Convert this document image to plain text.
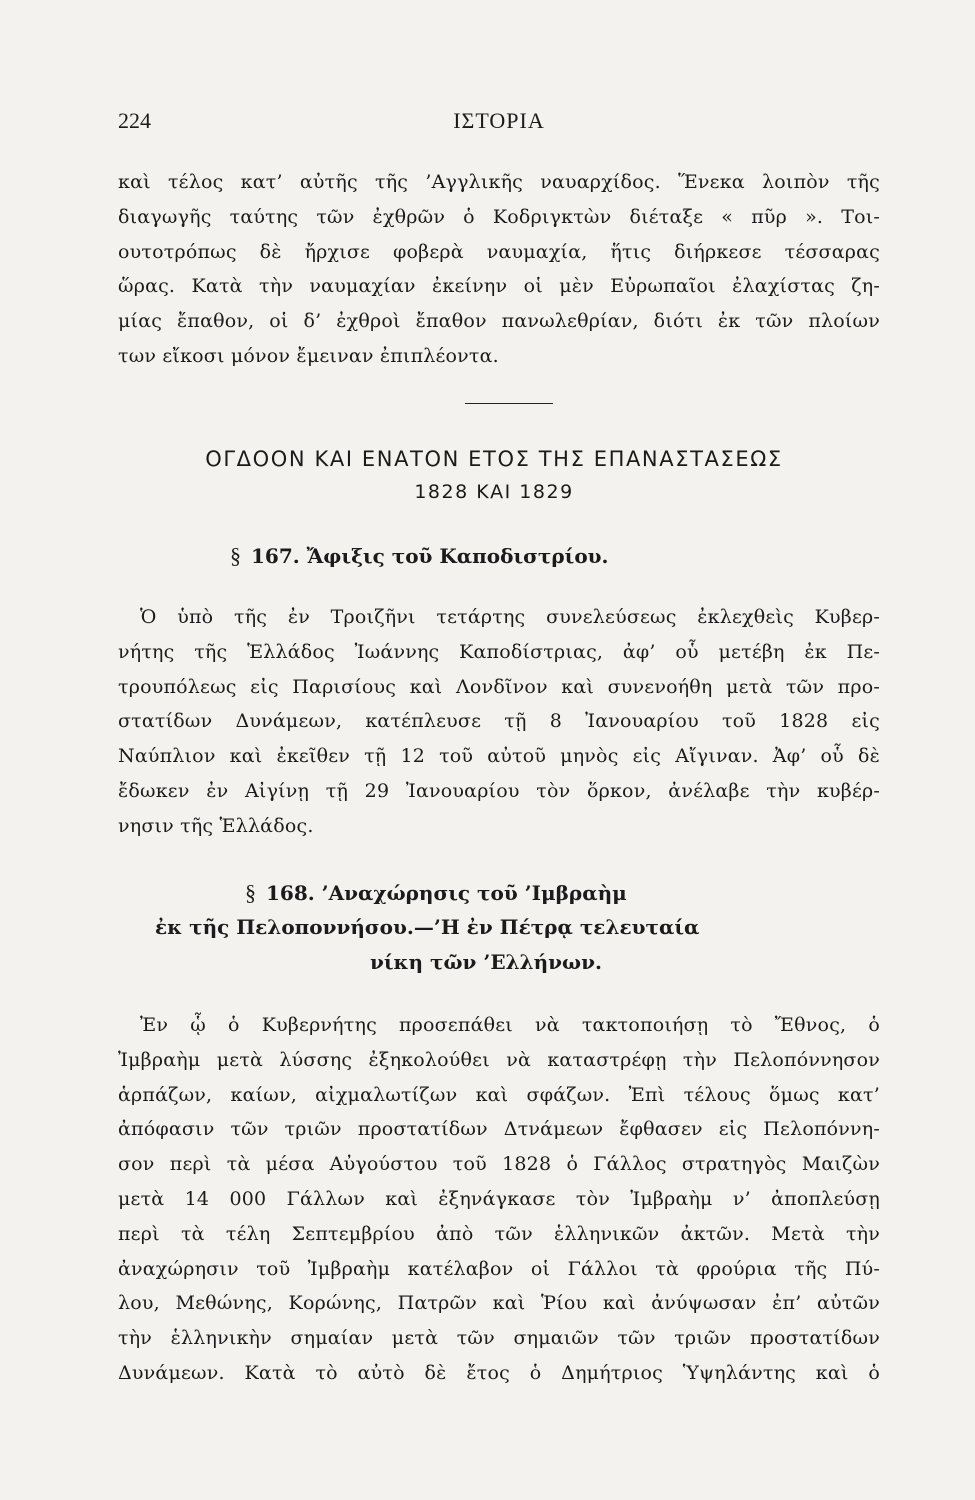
224	ΙΣΤΟΡΙΑ
καὶ τέλος κατ’ αὐτῆς τῆς ’Αγγλικῆς ναυαρχίδος. Ἕνεκα λοιπὸν τῆς
διαγωγῆς ταύτης τῶν ἐχθρῶν ὁ Κοδριγκτὼν διέταξε « πῦρ ». Τοι-
ουτοτρόπως δὲ ἤρχισε φοβερὰ ναυμαχία, ἥτις διήρκεσε τέσσαρας
ὥρας. Κατὰ τὴν ναυμαχίαν ἐκείνην οἱ μὲν Εὐρωπαῖοι ἐλαχίστας ζη-
μίας ἔπαθον, οἱ δ’ ἐχθροὶ ἔπαθον πανωλεθρίαν, διότι ἐκ τῶν πλοίων
των εἴκοσι μόνον ἔμειναν ἐπιπλέοντα.
ΟΓΔΟΟΝ ΚΑΙ ΕΝΑΤΟΝ ΕΤΟΣ ΤΗΣ ΕΠΑΝΑΣΤΑΣΕΩΣ
1828 ΚΑΙ 1829
§ 167. Ἄφιξις τοῦ Καποδιστρίου.
Ὁ ὑπὸ τῆς ἐν Τροιζῆνι τετάρτης συνελεύσεως ἐκλεχθεὶς Κυβερ-
νήτης τῆς Ἑλλάδος Ἰωάννης Καποδίστριας, ἀφ’ οὗ μετέβη ἐκ Πε-
τρουπόλεως εἰς Παρισίους καὶ Λονδῖνον καὶ συνενοήθη μετὰ τῶν προ-
στατίδων Δυνάμεων, κατέπλευσε τῇ 8 Ἰανουαρίου τοῦ 1828 εἰς
Ναύπλιον καὶ ἐκεῖθεν τῇ 12 τοῦ αὐτοῦ μηνὸς εἰς Αἴγιναν. Ἀφ’ οὗ δὲ
ἔδωκεν ἐν Αἰγίνῃ τῇ 29 Ἰανουαρίου τὸν ὅρκον, ἀνέλαβε τὴν κυβέρ-
νησιν τῆς Ἑλλάδος.
§ 168. ’Αναχώρησις τοῦ ’Ιμβραὴμ
ἐκ τῆς Πελοποννήσου.—’Η ἐν Πέτρᾳ τελευταία
νίκη τῶν ’Ελλήνων.
Ἐν ᾧ ὁ Κυβερνήτης προσεπάθει νὰ τακτοποιήσῃ τὸ Ἔθνος, ὁ
Ἰμβραὴμ μετὰ λύσσης ἐξηκολούθει νὰ καταστρέφῃ τὴν Πελοπόννησον
ἁρπάζων, καίων, αἰχμαλωτίζων καὶ σφάζων. Ἐπὶ τέλους ὅμως κατ’
ἀπόφασιν τῶν τριῶν προστατίδων Δτνάμεων ἔφθασεν εἰς Πελοπόννη-
σον περὶ τὰ μέσα Αὐγούστου τοῦ 1828 ὁ Γάλλος στρατηγὸς Μαιζὼν
μετὰ 14 000 Γάλλων καὶ ἐξηνάγκασε τὸν Ἰμβραὴμ ν’ ἀποπλεύσῃ
περὶ τὰ τέλη Σεπτεμβρίου ἀπὸ τῶν ἑλληνικῶν ἀκτῶν. Μετὰ τὴν
ἀναχώρησιν τοῦ Ἰμβραὴμ κατέλαβον οἱ Γάλλοι τὰ φρούρια τῆς Πύ-
λου, Μεθώνης, Κορώνης, Πατρῶν καὶ Ῥίου καὶ ἀνύψωσαν ἐπ’ αὐτῶν
τὴν ἑλληνικὴν σημαίαν μετὰ τῶν σημαιῶν τῶν τριῶν προστατίδων
Δυνάμεων. Κατὰ τὸ αὐτὸ δὲ ἔτος ὁ Δημήτριος Ὑψηλάντης καὶ ὁ
